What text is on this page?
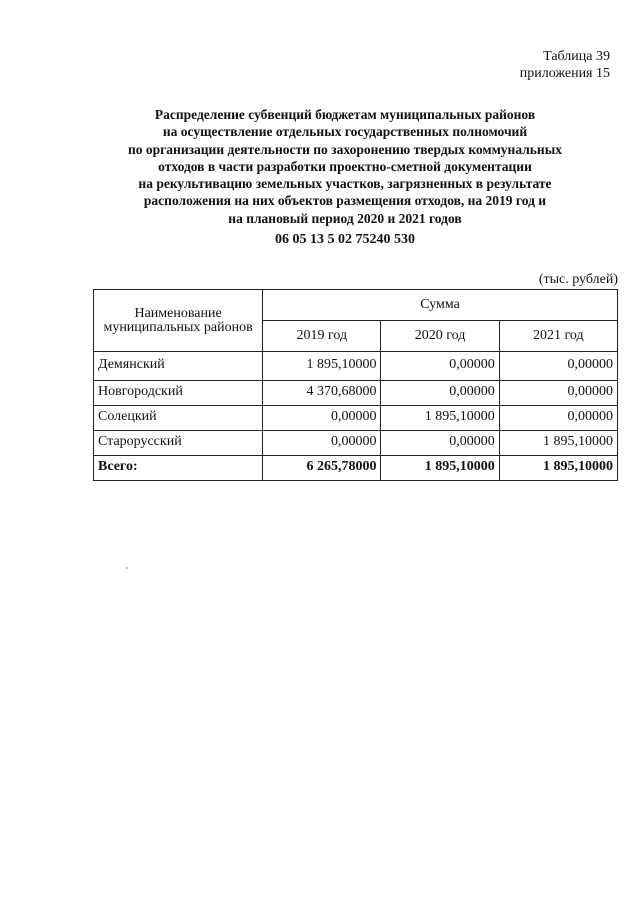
Таблица 39
приложения 15
Распределение субвенций бюджетам муниципальных районов
на осуществление отдельных государственных полномочий
по организации деятельности по захоронению твердых коммунальных
отходов в части разработки проектно-сметной документации
на рекультивацию земельных участков, загрязненных в результате
расположения на них объектов размещения отходов, на 2019 год и
на плановый период 2020 и 2021 годов
06 05 13 5 02 75240 530
(тыс. рублей)
Наименование муниципальных районов	Сумма		
	2019 год	2020 год	2021 год
Демянский	1 895,10000	0,00000	0,00000
Новгородский	4 370,68000	0,00000	0,00000
Солецкий	0,00000	1 895,10000	0,00000
Старорусский	0,00000	0,00000	1 895,10000
Всего:	6 265,78000	1 895,10000	1 895,10000
